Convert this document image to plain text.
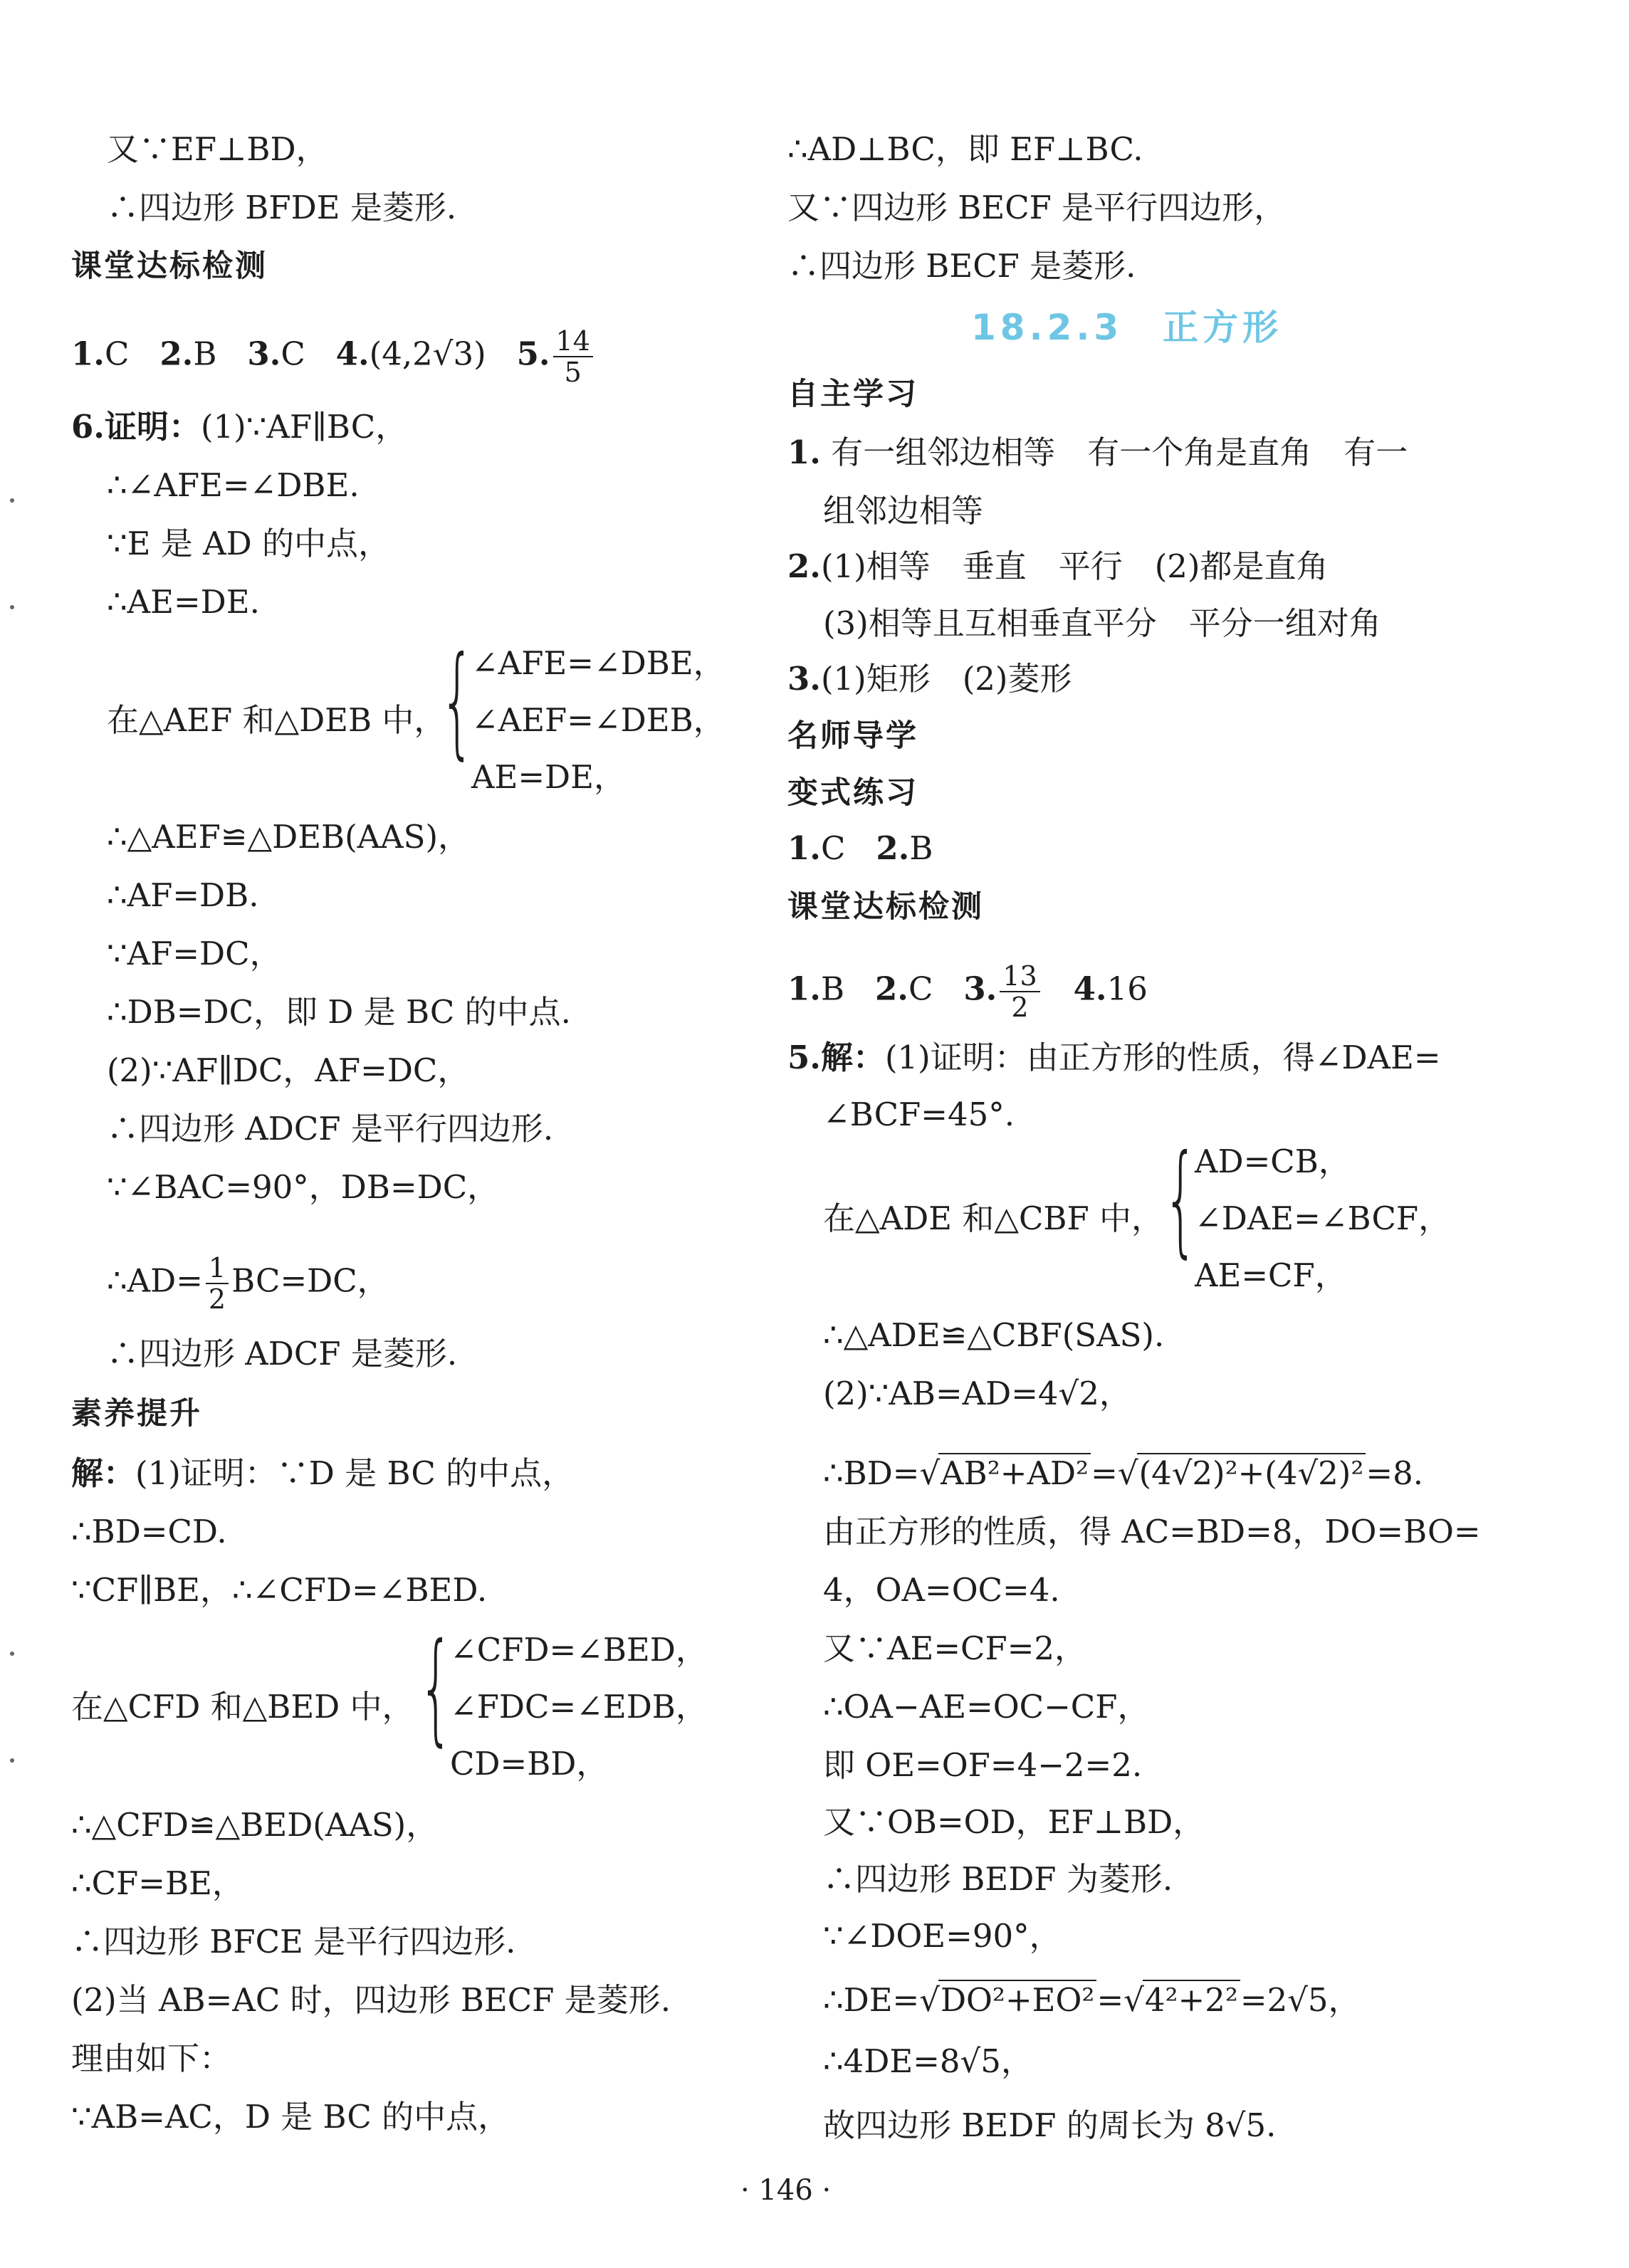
又∵EF⊥BD，
∴四边形 BFDE 是菱形.
课堂达标检测
1.C 2.B 3.C 4.(4,2√3) 5. $\frac{14}{5}$
6.证明：(1)∵AF∥BC，
∴∠AFE=∠DBE.
∵E 是 AD 的中点，
∴AE=DE.
在△AEF 和△DEB 中，
{
∠AFE=∠DBE，
∠AEF=∠DEB，
AE=DE，
∴△AEF≌△DEB(AAS)，
∴AF=DB.
∵AF=DC，
∴DB=DC，即 D 是 BC 的中点.
(2)∵AF∥DC，AF=DC，
∴四边形 ADCF 是平行四边形.
∵∠BAC=90°，DB=DC，
∴AD= $\frac{1}{2} BC=DC$，
∴四边形 ADCF 是菱形.
素养提升
解：(1)证明：∵D 是 BC 的中点，
∴BD=CD.
∵CF∥BE，∴∠CFD=∠BED.
在△CFD 和△BED 中， {
∠CFD=∠BED，
∠FDC=∠EDB，
CD=BD，
∴△CFD≌△BED(AAS)，
∴CF=BE，
∴四边形 BFCE 是平行四边形.
(2)当 AB=AC 时，四边形 BECF 是菱形.
理由如下：
∵AB=AC，D 是 BC 的中点，
∴AD⊥BC，即 EF⊥BC.
又∵四边形 BECF 是平行四边形，
∴四边形 BECF 是菱形.
18.2.3　正方形
自主学习
1. 有一组邻边相等　有一个角是直角　有一
组邻边相等
2.(1)相等　垂直　平行　(2)都是直角
(3)相等且互相垂直平分　平分一组对角
3.(1)矩形　(2)菱形
名师导学
变式练习
1.C 2.B
课堂达标检测
1.B 2.C 3. $\frac{13}{2} 4.16$
5.解：(1)证明：由正方形的性质，得∠DAE=
∠BCF=45°.
在△ADE 和△CBF 中， {
AD=CB，
∠DAE=∠BCF，
AE=CF，
∴△ADE≌△CBF(SAS).
(2)∵AB=AD=4√2，
∴BD=√AB²+AD²=√(4√2)²+(4√2)²=8.
由正方形的性质，得 AC=BD=8，DO=BO=
4，OA=OC=4.
又∵AE=CF=2，
∴OA−AE=OC−CF，
即 OE=OF=4−2=2.
又∵OB=OD，EF⊥BD，
∴四边形 BEDF 为菱形.
∵∠DOE=90°，
∴DE=√DO²+EO²=√4²+2²=2√5，
∴4DE=8√5，
故四边形 BEDF 的周长为 8√5.
· 146 ·
